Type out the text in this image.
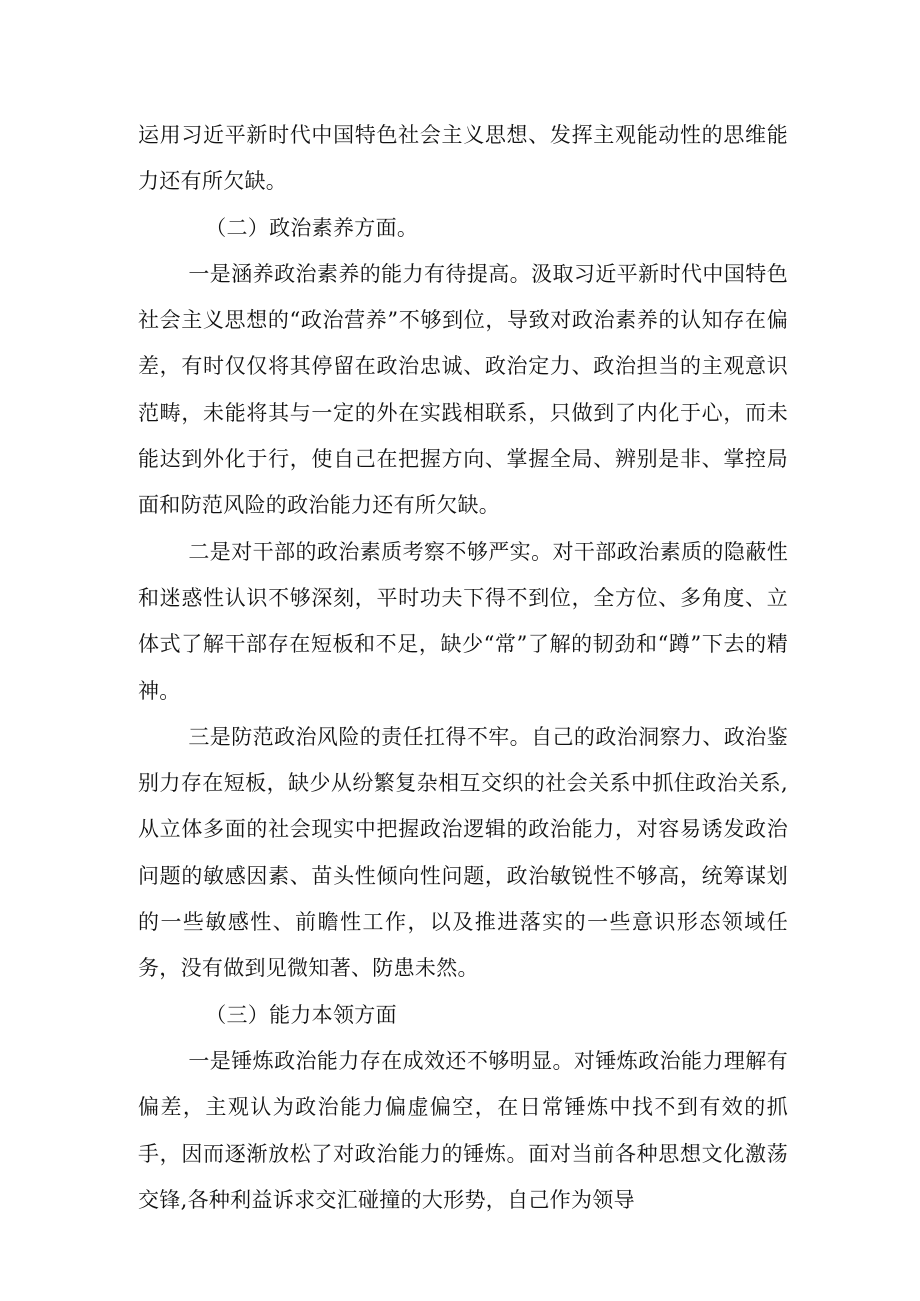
运用习近平新时代中国特色社会主义思想、发挥主观能动性的思维能力还有所欠缺。

（二）政治素养方面。

一是涵养政治素养的能力有待提高。汲取习近平新时代中国特色社会主义思想的“政治营养”不够到位，导致对政治素养的认知存在偏差，有时仅仅将其停留在政治忠诚、政治定力、政治担当的主观意识范畴，未能将其与一定的外在实践相联系，只做到了内化于心，而未能达到外化于行，使自己在把握方向、掌握全局、辨别是非、掌控局面和防范风险的政治能力还有所欠缺。

二是对干部的政治素质考察不够严实。对干部政治素质的隐蔽性和迷惑性认识不够深刻，平时功夫下得不到位，全方位、多角度、立体式了解干部存在短板和不足，缺少“常”了解的韧劲和“蹲”下去的精神。

三是防范政治风险的责任扛得不牢。自己的政治洞察力、政治鉴别力存在短板，缺少从纷繁复杂相互交织的社会关系中抓住政治关系,从立体多面的社会现实中把握政治逻辑的政治能力，对容易诱发政治问题的敏感因素、苗头性倾向性问题，政治敏锐性不够高，统筹谋划的一些敏感性、前瞻性工作，以及推进落实的一些意识形态领域任务，没有做到见微知著、防患未然。

（三）能力本领方面

一是锤炼政治能力存在成效还不够明显。对锤炼政治能力理解有偏差，主观认为政治能力偏虚偏空，在日常锤炼中找不到有效的抓手，因而逐渐放松了对政治能力的锤炼。面对当前各种思想文化激荡交锋,各种利益诉求交汇碰撞的大形势，自己作为领导
